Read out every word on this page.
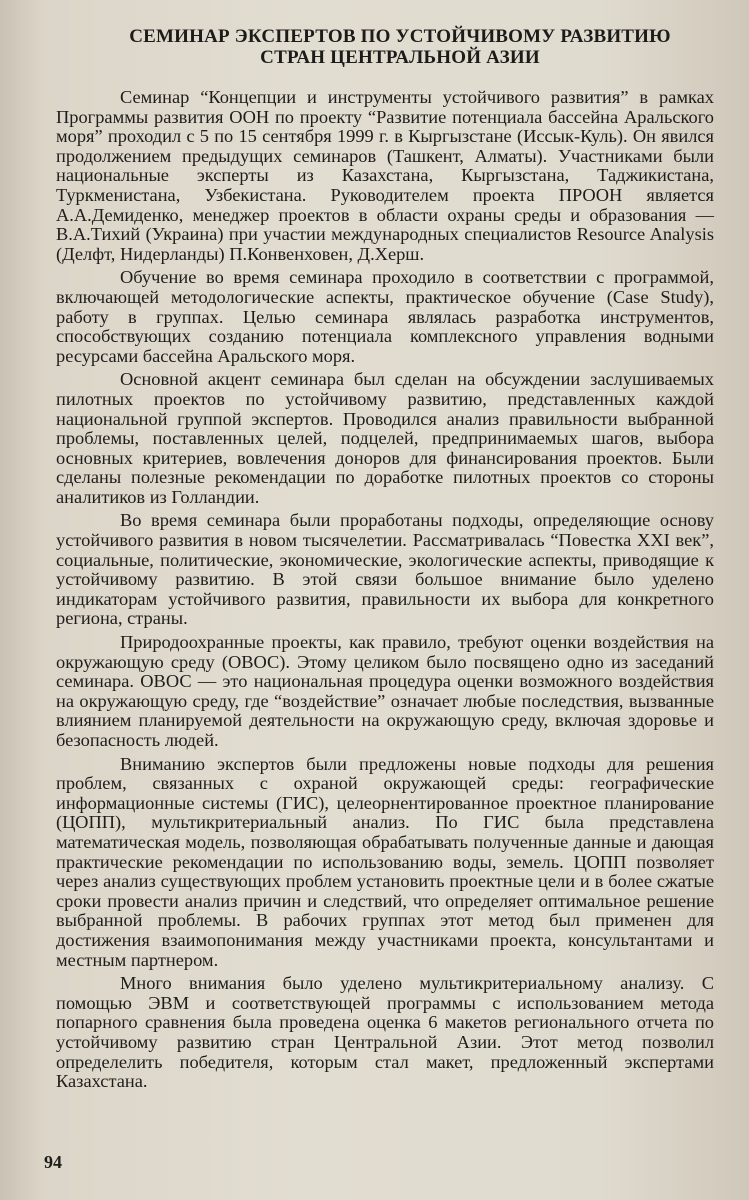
СЕМИНАР ЭКСПЕРТОВ ПО УСТОЙЧИВОМУ РАЗВИТИЮ
СТРАН ЦЕНТРАЛЬНОЙ АЗИИ

Семинар “Концепции и инструменты устойчивого развития” в рамках Программы развития ООН по проекту “Развитие потенциала бассейна Аральского моря” проходил с 5 по 15 сентября 1999 г. в Кыргызстане (Иссык-Куль). Он явился продолжением предыдущих семинаров (Ташкент, Алматы). Участниками были национальные эксперты из Казахстана, Кыргызстана, Таджикистана, Туркменистана, Узбекистана. Руководителем проекта ПРООН является А.А.Демиденко, менеджер проектов в области охраны среды и образования — В.А.Тихий (Украина) при участии международных специалистов Resource Analysis (Делфт, Нидерланды) П.Конвенховен, Д.Херш.

Обучение во время семинара проходило в соответствии с программой, включающей методологические аспекты, практическое обучение (Case Study), работу в группах. Целью семинара являлась разработка инструментов, способствующих созданию потенциала комплексного управления водными ресурсами бассейна Аральского моря.

Основной акцент семинара был сделан на обсуждении заслушиваемых пилотных проектов по устойчивому развитию, представленных каждой национальной группой экспертов. Проводился анализ правильности выбранной проблемы, поставленных целей, подцелей, предпринимаемых шагов, выбора основных критериев, вовлечения доноров для финансирования проектов. Были сделаны полезные рекомендации по доработке пилотных проектов со стороны аналитиков из Голландии.

Во время семинара были проработаны подходы, определяющие основу устойчивого развития в новом тысячелетии. Рассматривалась “Повестка XXI век”, социальные, политические, экономические, экологические аспекты, приводящие к устойчивому развитию. В этой связи большое внимание было уделено индикаторам устойчивого развития, правильности их выбора для конкретного региона, страны.

Природоохранные проекты, как правило, требуют оценки воздействия на окружающую среду (ОВОС). Этому целиком было посвящено одно из заседаний семинара. ОВОС — это национальная процедура оценки возможного воздействия на окружающую среду, где “воздействие” означает любые последствия, вызванные влиянием планируемой деятельности на окружающую среду, включая здоровье и безопасность людей.

Вниманию экспертов были предложены новые подходы для решения проблем, связанных с охраной окружающей среды: географические информационные системы (ГИС), целеорнентированное проектное планирование (ЦОПП), мультикритериальный анализ. По ГИС была представлена математическая модель, позволяющая обрабатывать полученные данные и дающая практические рекомендации по использованию воды, земель. ЦОПП позволяет через анализ существующих проблем установить проектные цели и в более сжатые сроки провести анализ причин и следствий, что определяет оптимальное решение выбранной проблемы. В рабочих группах этот метод был применен для достижения взаимопонимания между участниками проекта, консультантами и местным партнером.

Много внимания было уделено мультикритериальному анализу. С помощью ЭВМ и соответствующей программы с использованием метода попарного сравнения была проведена оценка 6 макетов регионального отчета по устойчивому развитию стран Центральной Азии. Этот метод позволил определелить победителя, которым стал макет, предложенный экспертами Казахстана.

94
